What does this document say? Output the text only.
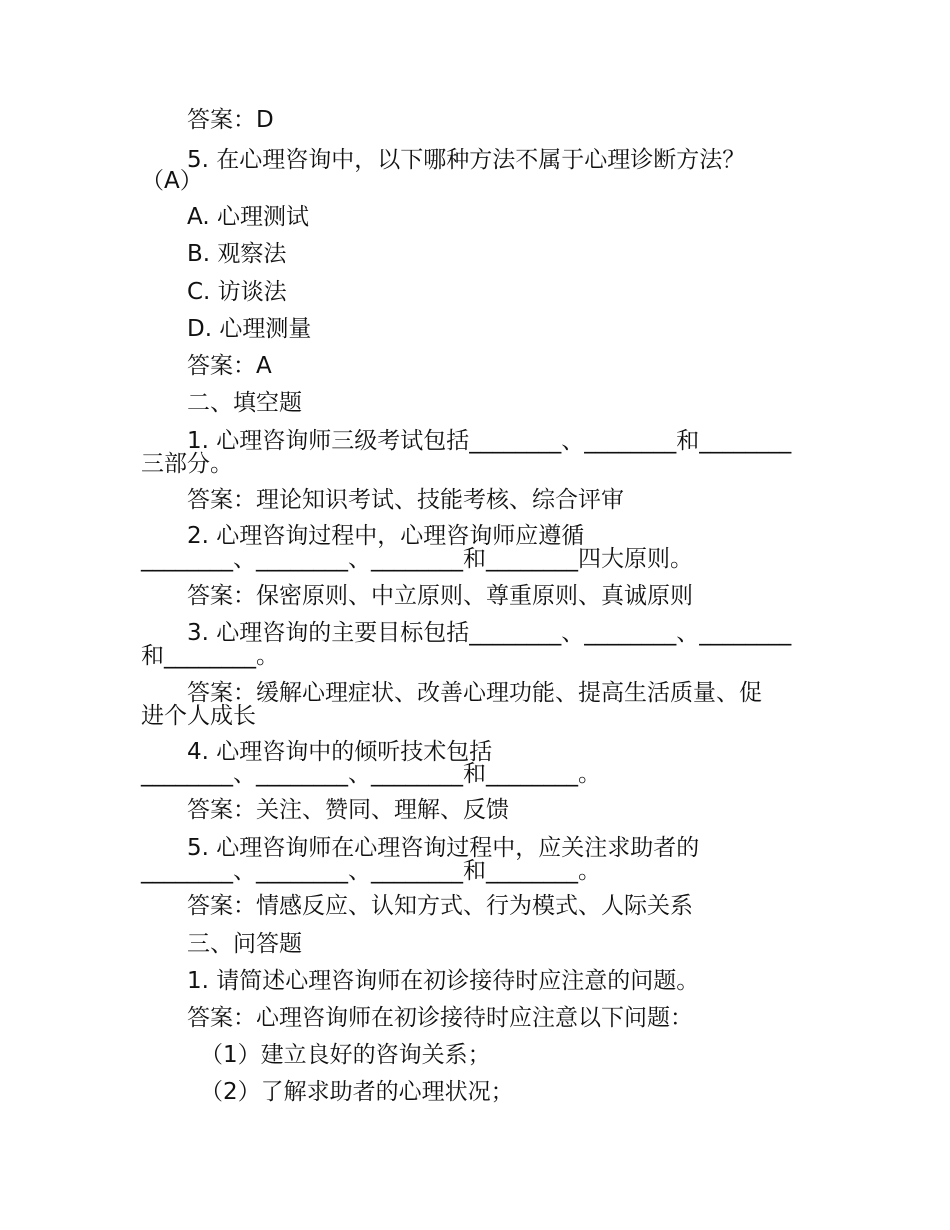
答案：D

5. 在心理咨询中，以下哪种方法不属于心理诊断方法？

（A）

A. 心理测试

B. 观察法

C. 访谈法

D. 心理测量

答案：A

二、填空题

1. 心理咨询师三级考试包括________、________和________

三部分。

答案：理论知识考试、技能考核、综合评审

2. 心理咨询过程中，心理咨询师应遵循

________、________、________和________四大原则。

答案：保密原则、中立原则、尊重原则、真诚原则

3. 心理咨询的主要目标包括________、________、________

和________。

答案：缓解心理症状、改善心理功能、提高生活质量、促

进个人成长

4. 心理咨询中的倾听技术包括

________、________、________和________。

答案：关注、赞同、理解、反馈

5. 心理咨询师在心理咨询过程中，应关注求助者的

________、________、________和________。

答案：情感反应、认知方式、行为模式、人际关系

三、问答题

1. 请简述心理咨询师在初诊接待时应注意的问题。

答案：心理咨询师在初诊接待时应注意以下问题：

（1）建立良好的咨询关系；

（2）了解求助者的心理状况；
